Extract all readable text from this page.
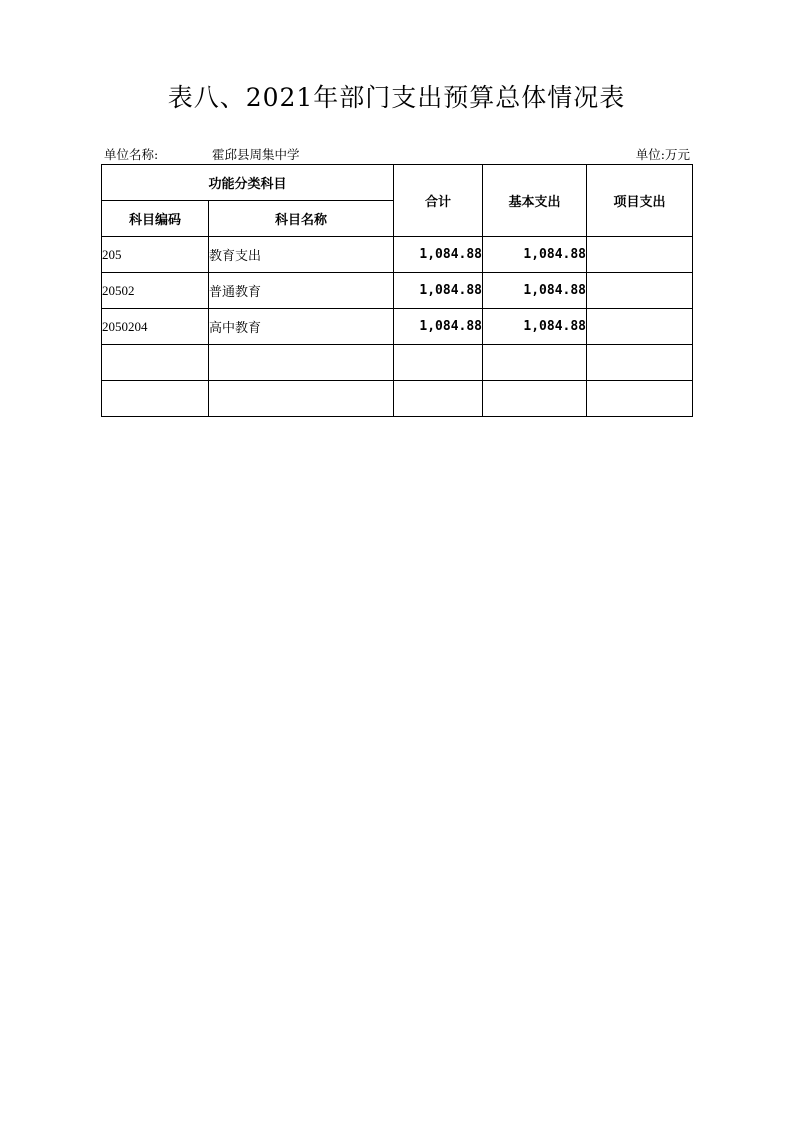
表八、2021年部门支出预算总体情况表
单位名称:	霍邱县周集中学	单位:万元
功能分类科目		合计	基本支出	项目支出
科目编码	科目名称			
205	教育支出	1,084.88	1,084.88	
20502	普通教育	1,084.88	1,084.88	
2050204	高中教育	1,084.88	1,084.88	
